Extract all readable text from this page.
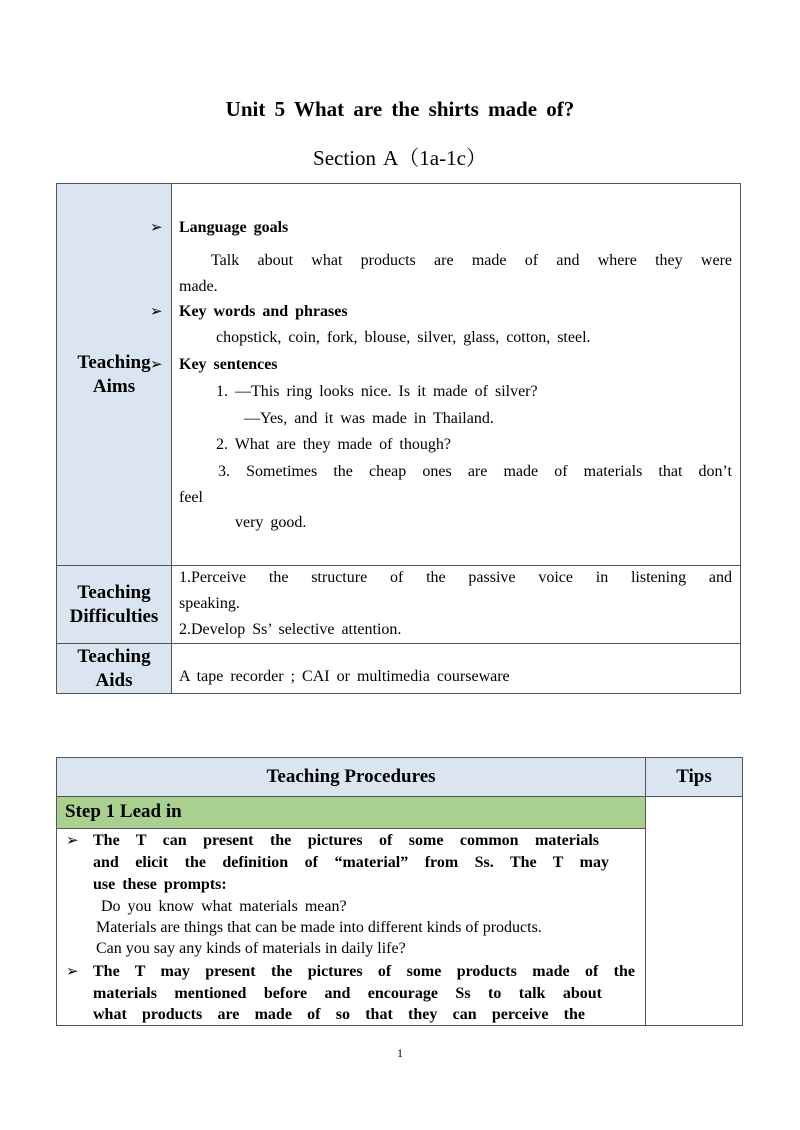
Unit 5 What are the shirts made of?
Section A（1a-1c）
Teaching Aims
Teaching Difficulties
Teaching Aids
➢ Language goals
Talk about what products are made of and where they were
made.
➢ Key words and phrases
chopstick, coin, fork, blouse, silver, glass, cotton, steel.
➢ Key sentences
1. —This ring looks nice. Is it made of silver?
—Yes, and it was made in Thailand.
2. What are they made of though?
3. Sometimes the cheap ones are made of materials that don’t
feel
very good.
1.Perceive the structure of the passive voice in listening and
speaking.
2.Develop Ss’ selective attention.
A tape recorder ; CAI or multimedia courseware
Teaching Procedures	Tips
Step 1 Lead in
➢ The T can present the pictures of some common materials
and elicit the definition of “material” from Ss. The T may
use these prompts:
Do you know what materials mean?
Materials are things that can be made into different kinds of products.
Can you say any kinds of materials in daily life?
➢ The T may present the pictures of some products made of the
materials mentioned before and encourage Ss to talk about
what products are made of so that they can perceive the
1
